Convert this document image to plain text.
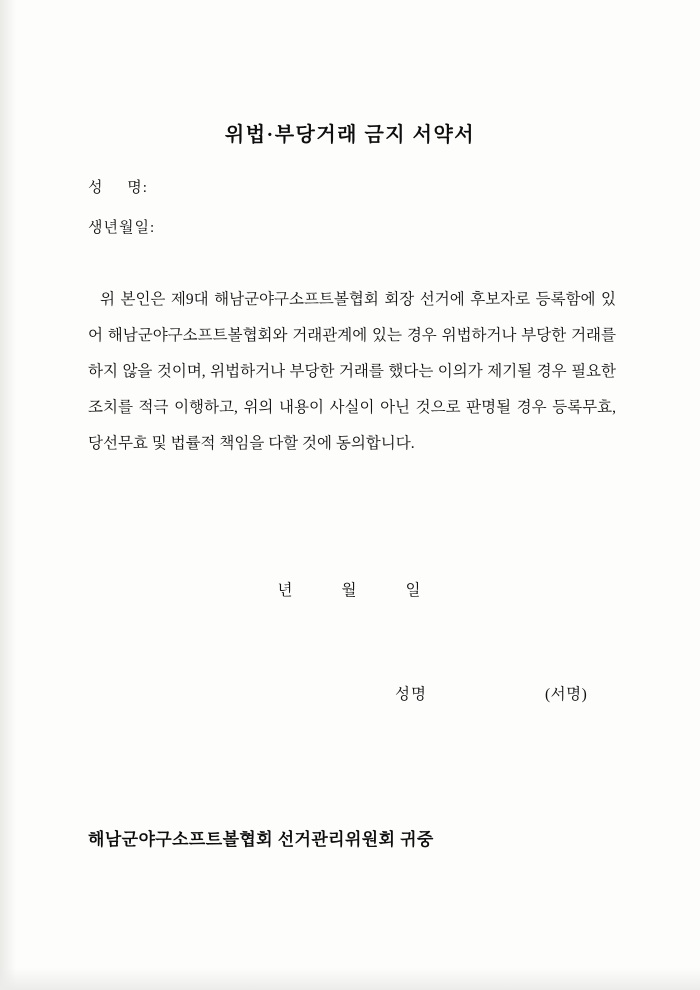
위법·부당거래 금지 서약서
성     명:
생년월일:

위 본인은 제9대 해남군야구소프트볼협회 회장 선거에 후보자로 등록함에 있어 해남군야구소프트볼협회와 거래관계에 있는 경우 위법하거나 부당한 거래를 하지 않을 것이며, 위법하거나 부당한 거래를 했다는 이의가 제기될 경우 필요한 조치를 적극 이행하고, 위의 내용이 사실이 아닌 것으로 판명될 경우 등록무효, 당선무효 및 법률적 책임을 다할 것에 동의합니다.

년        월        일
성명	(서명)
해남군야구소프트볼협회 선거관리위원회 귀중
